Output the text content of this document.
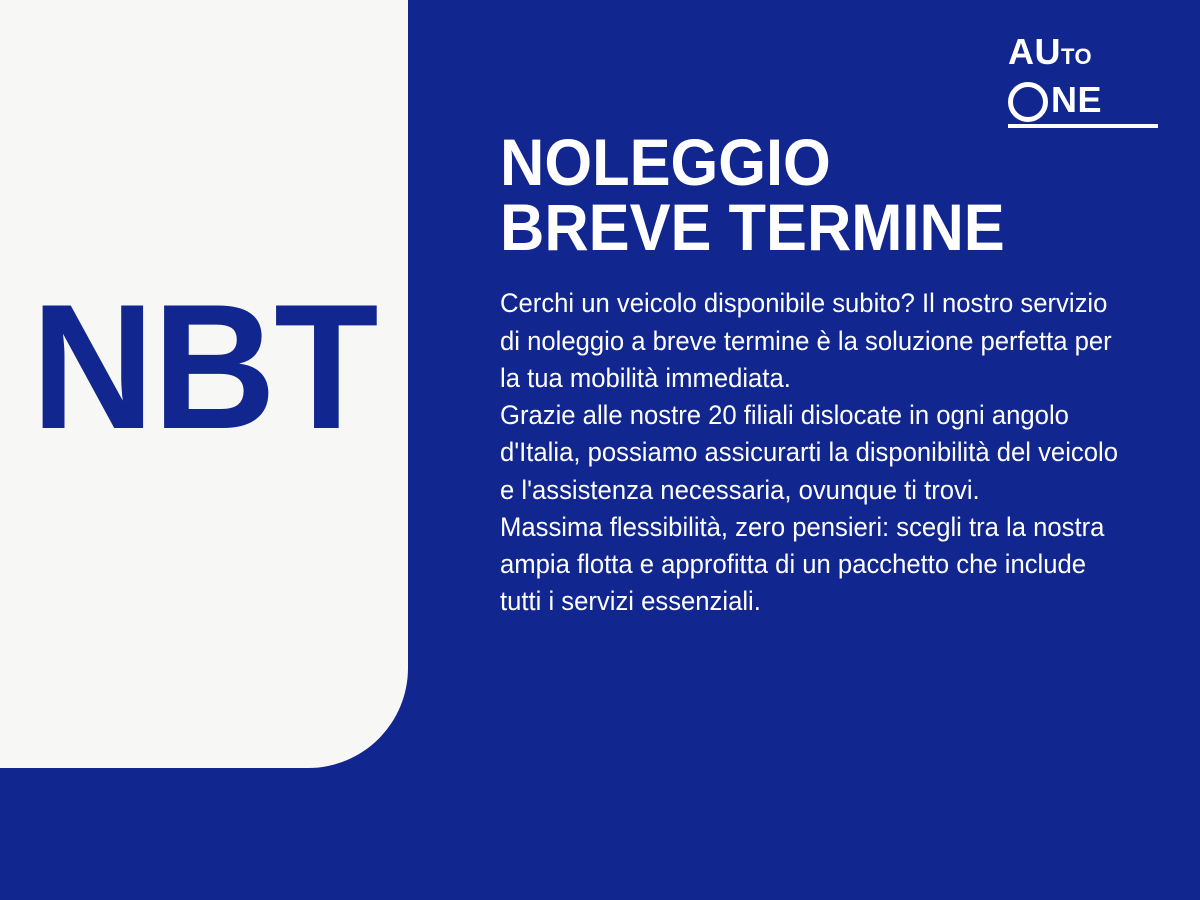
NBT
AU TO
NE
NOLEGGIO
BREVE TERMINE

Cerchi un veicolo disponibile subito? Il nostro servizio di noleggio a breve termine è la soluzione perfetta per la tua mobilità immediata.

Grazie alle nostre 20 filiali dislocate in ogni angolo d'Italia, possiamo assicurarti la disponibilità del veicolo e l'assistenza necessaria, ovunque ti trovi.

Massima flessibilità, zero pensieri: scegli tra la nostra ampia flotta e approfitta di un pacchetto che include tutti i servizi essenziali.
